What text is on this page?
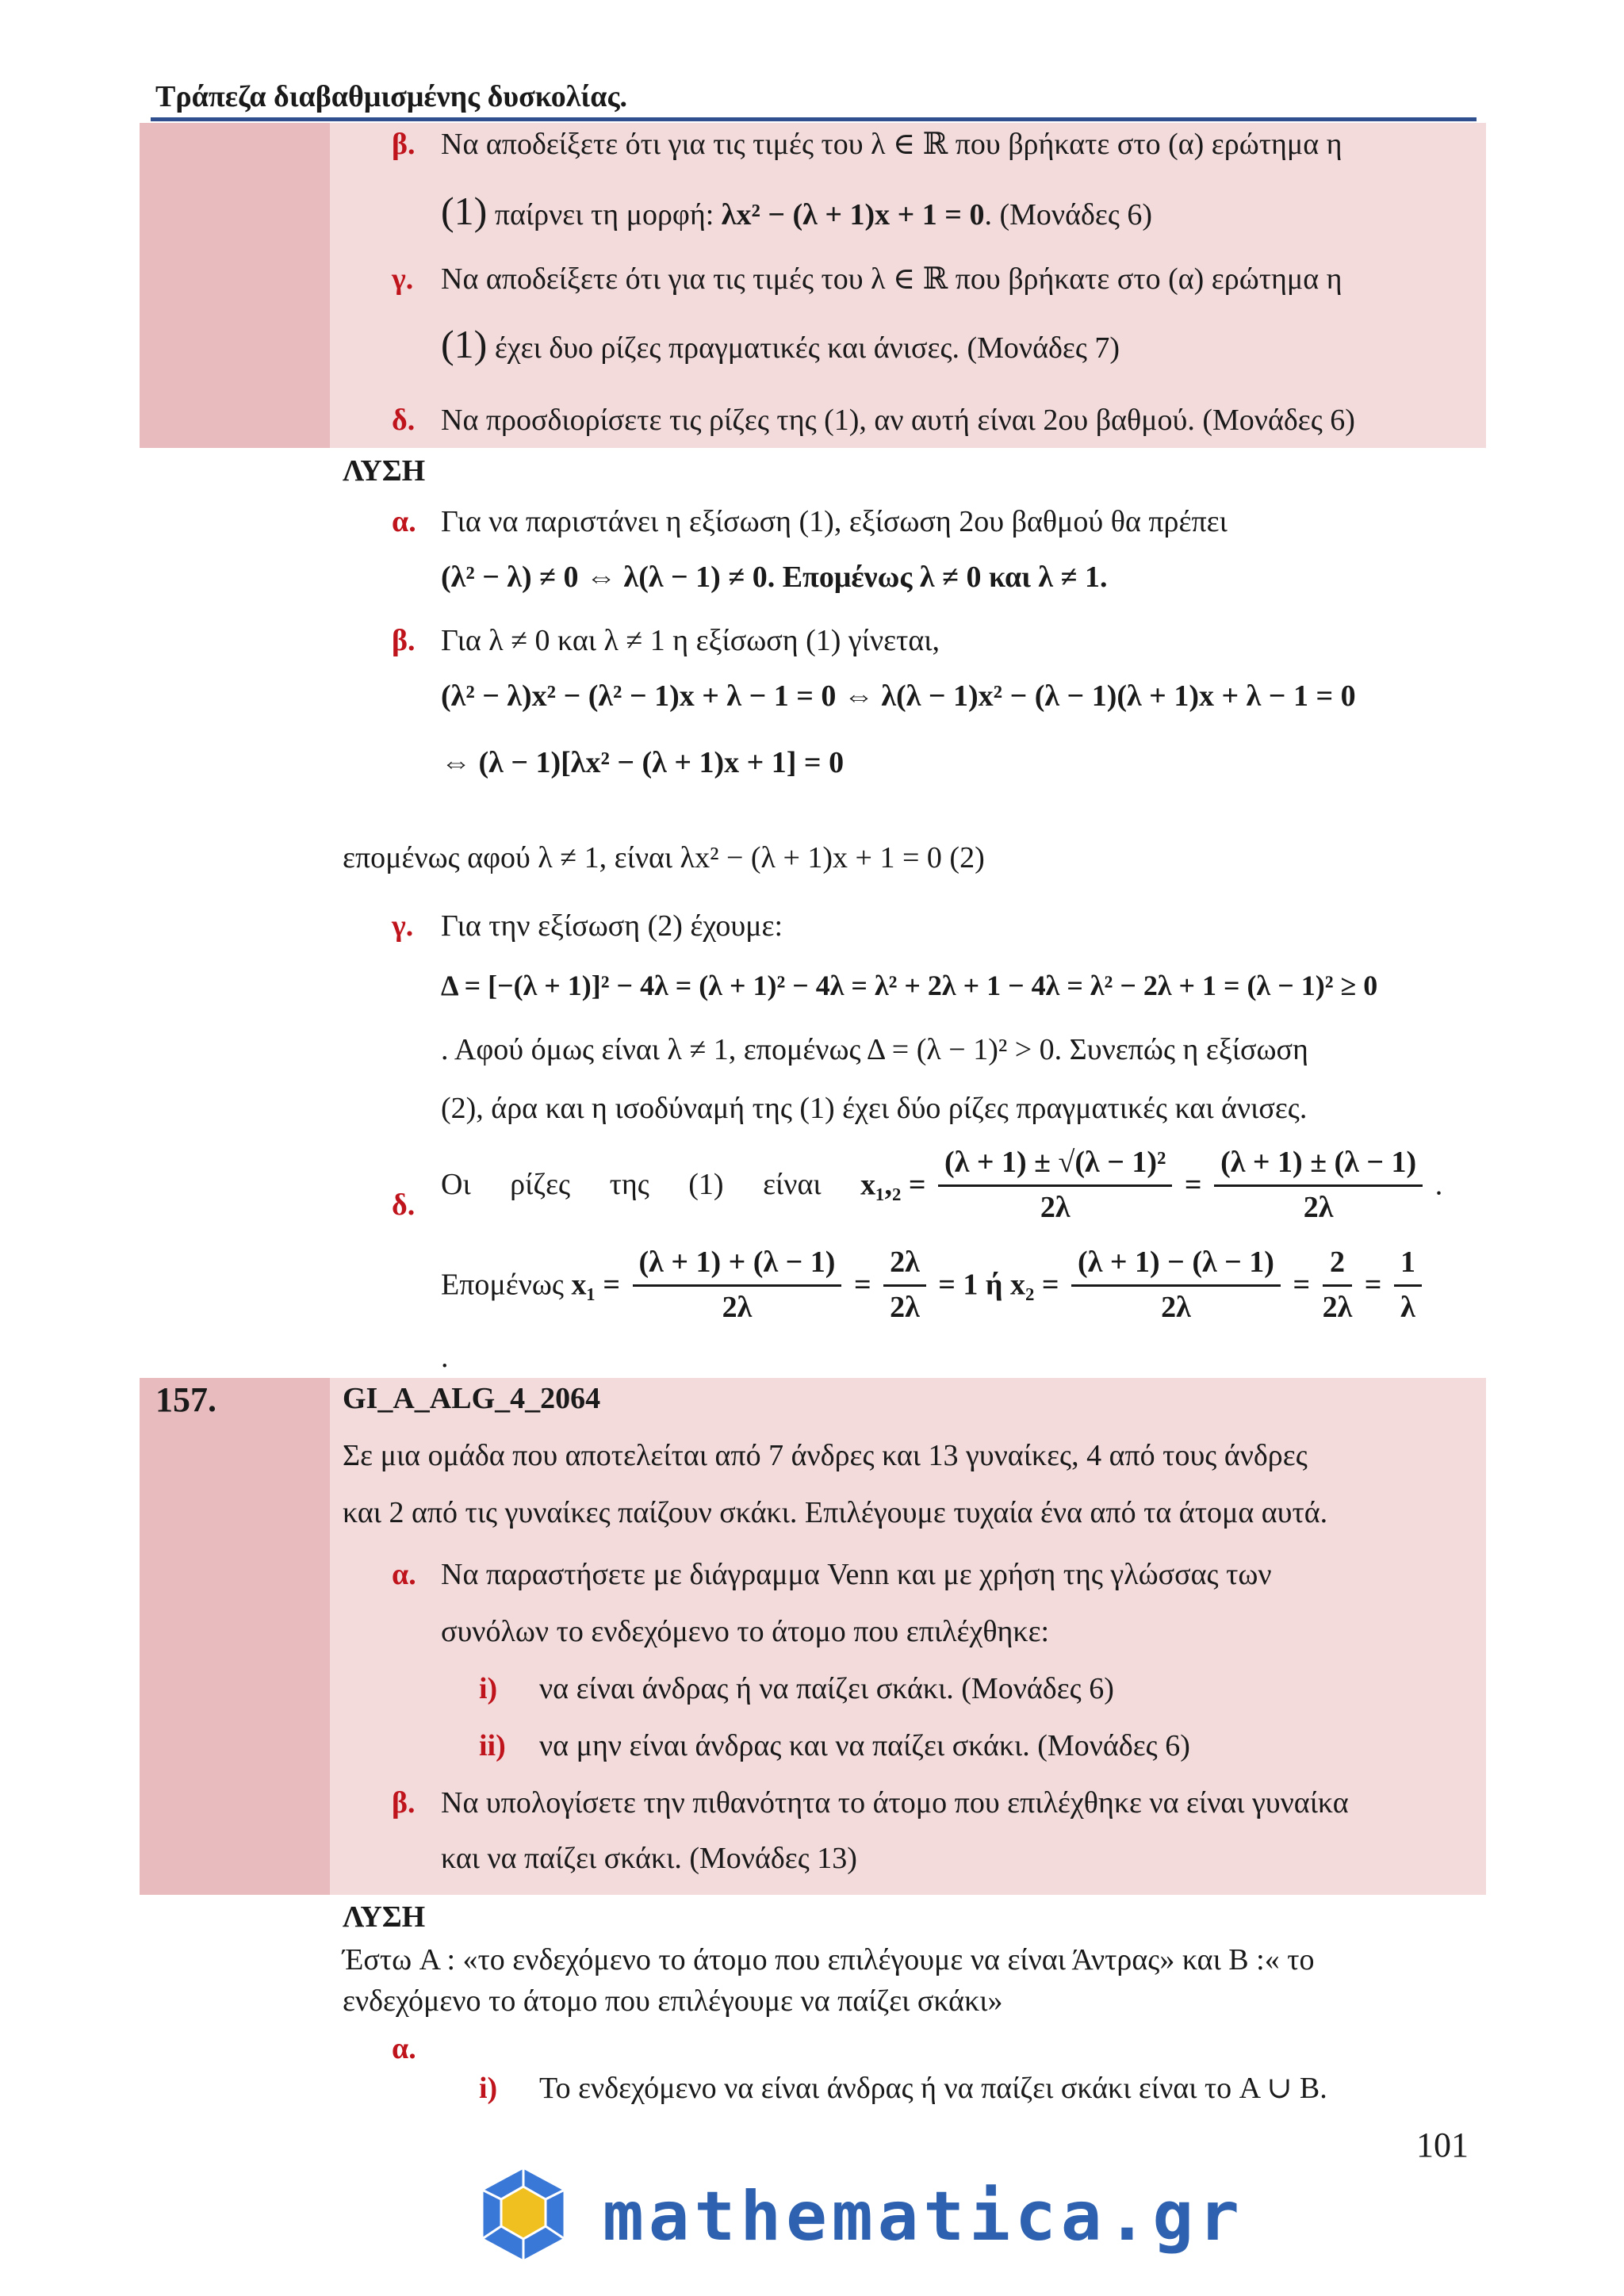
Τράπεζα διαβαθμισμένης δυσκολίας.
β. Να αποδείξετε ότι για τις τιμές του λ ∈ ℝ που βρήκατε στο (α) ερώτημα η
(1) παίρνει τη μορφή: λx² − (λ + 1)x + 1 = 0. (Μονάδες 6)
γ. Να αποδείξετε ότι για τις τιμές του λ ∈ ℝ που βρήκατε στο (α) ερώτημα η
(1) έχει δυο ρίζες πραγματικές και άνισες. (Μονάδες 7)
δ. Να προσδιορίσετε τις ρίζες της (1), αν αυτή είναι 2ου βαθμού. (Μονάδες 6)
ΛΥΣΗ
α. Για να παριστάνει η εξίσωση (1), εξίσωση 2ου βαθμού θα πρέπει
(λ² − λ) ≠ 0 ⇔ λ(λ − 1) ≠ 0. Επομένως λ ≠ 0 και λ ≠ 1.
β. Για λ ≠ 0 και λ ≠ 1 η εξίσωση (1) γίνεται,
(λ² − λ)x² − (λ² − 1)x + λ − 1 = 0 ⇔ λ(λ − 1)x² − (λ − 1)(λ + 1)x + λ − 1 = 0
⇔ (λ − 1)[λx² − (λ + 1)x + 1] = 0
επομένως αφού λ ≠ 1, είναι λx² − (λ + 1)x + 1 = 0 (2)
γ. Για την εξίσωση (2) έχουμε:
Δ = [−(λ + 1)]² − 4λ = (λ + 1)² − 4λ = λ² + 2λ + 1 − 4λ = λ² − 2λ + 1 = (λ − 1)² ≥ 0
. Αφού όμως είναι λ ≠ 1, επομένως Δ = (λ − 1)² > 0. Συνεπώς η εξίσωση
(2), άρα και η ισοδύναμή της (1) έχει δύο ρίζες πραγματικές και άνισες.
δ.
Οι ρίζες της (1) είναι $x_1,_2 = \frac{\text{(λ + 1) ± √(λ − 1)²}}{2\lambda} = \frac{(\lambda + 1) \pm (\lambda - 1)}{2\lambda}$ .
Επομένως $x_1 = \frac{(\lambda + 1) + (\lambda - 1)}{2\lambda} = \frac{2\lambda}{2\lambda} = 1$ ή $x_2 = \frac{(\lambda + 1) - (\lambda - 1)}{2\lambda} = \frac{2}{2\lambda} = \frac{1}{\lambda}$
.
157.	GI_A_ALG_4_2064
Σε μια ομάδα που αποτελείται από 7 άνδρες και 13 γυναίκες, 4 από τους άνδρες
και 2 από τις γυναίκες παίζουν σκάκι. Επιλέγουμε τυχαία ένα από τα άτομα αυτά.
α. Να παραστήσετε με διάγραμμα Venn και με χρήση της γλώσσας των
συνόλων το ενδεχόμενο το άτομο που επιλέχθηκε:
i) να είναι άνδρας ή να παίζει σκάκι. (Μονάδες 6)
ii) να μην είναι άνδρας και να παίζει σκάκι. (Μονάδες 6)
β. Να υπολογίσετε την πιθανότητα το άτομο που επιλέχθηκε να είναι γυναίκα
και να παίζει σκάκι. (Μονάδες 13)
ΛΥΣΗ
Έστω A : «το ενδεχόμενο το άτομο που επιλέγουμε να είναι Άντρας» και B :« το
ενδεχόμενο το άτομο που επιλέγουμε να παίζει σκάκι»
α.
i) Το ενδεχόμενο να είναι άνδρας ή να παίζει σκάκι είναι το A ∪ B.
101
mathematica.gr
